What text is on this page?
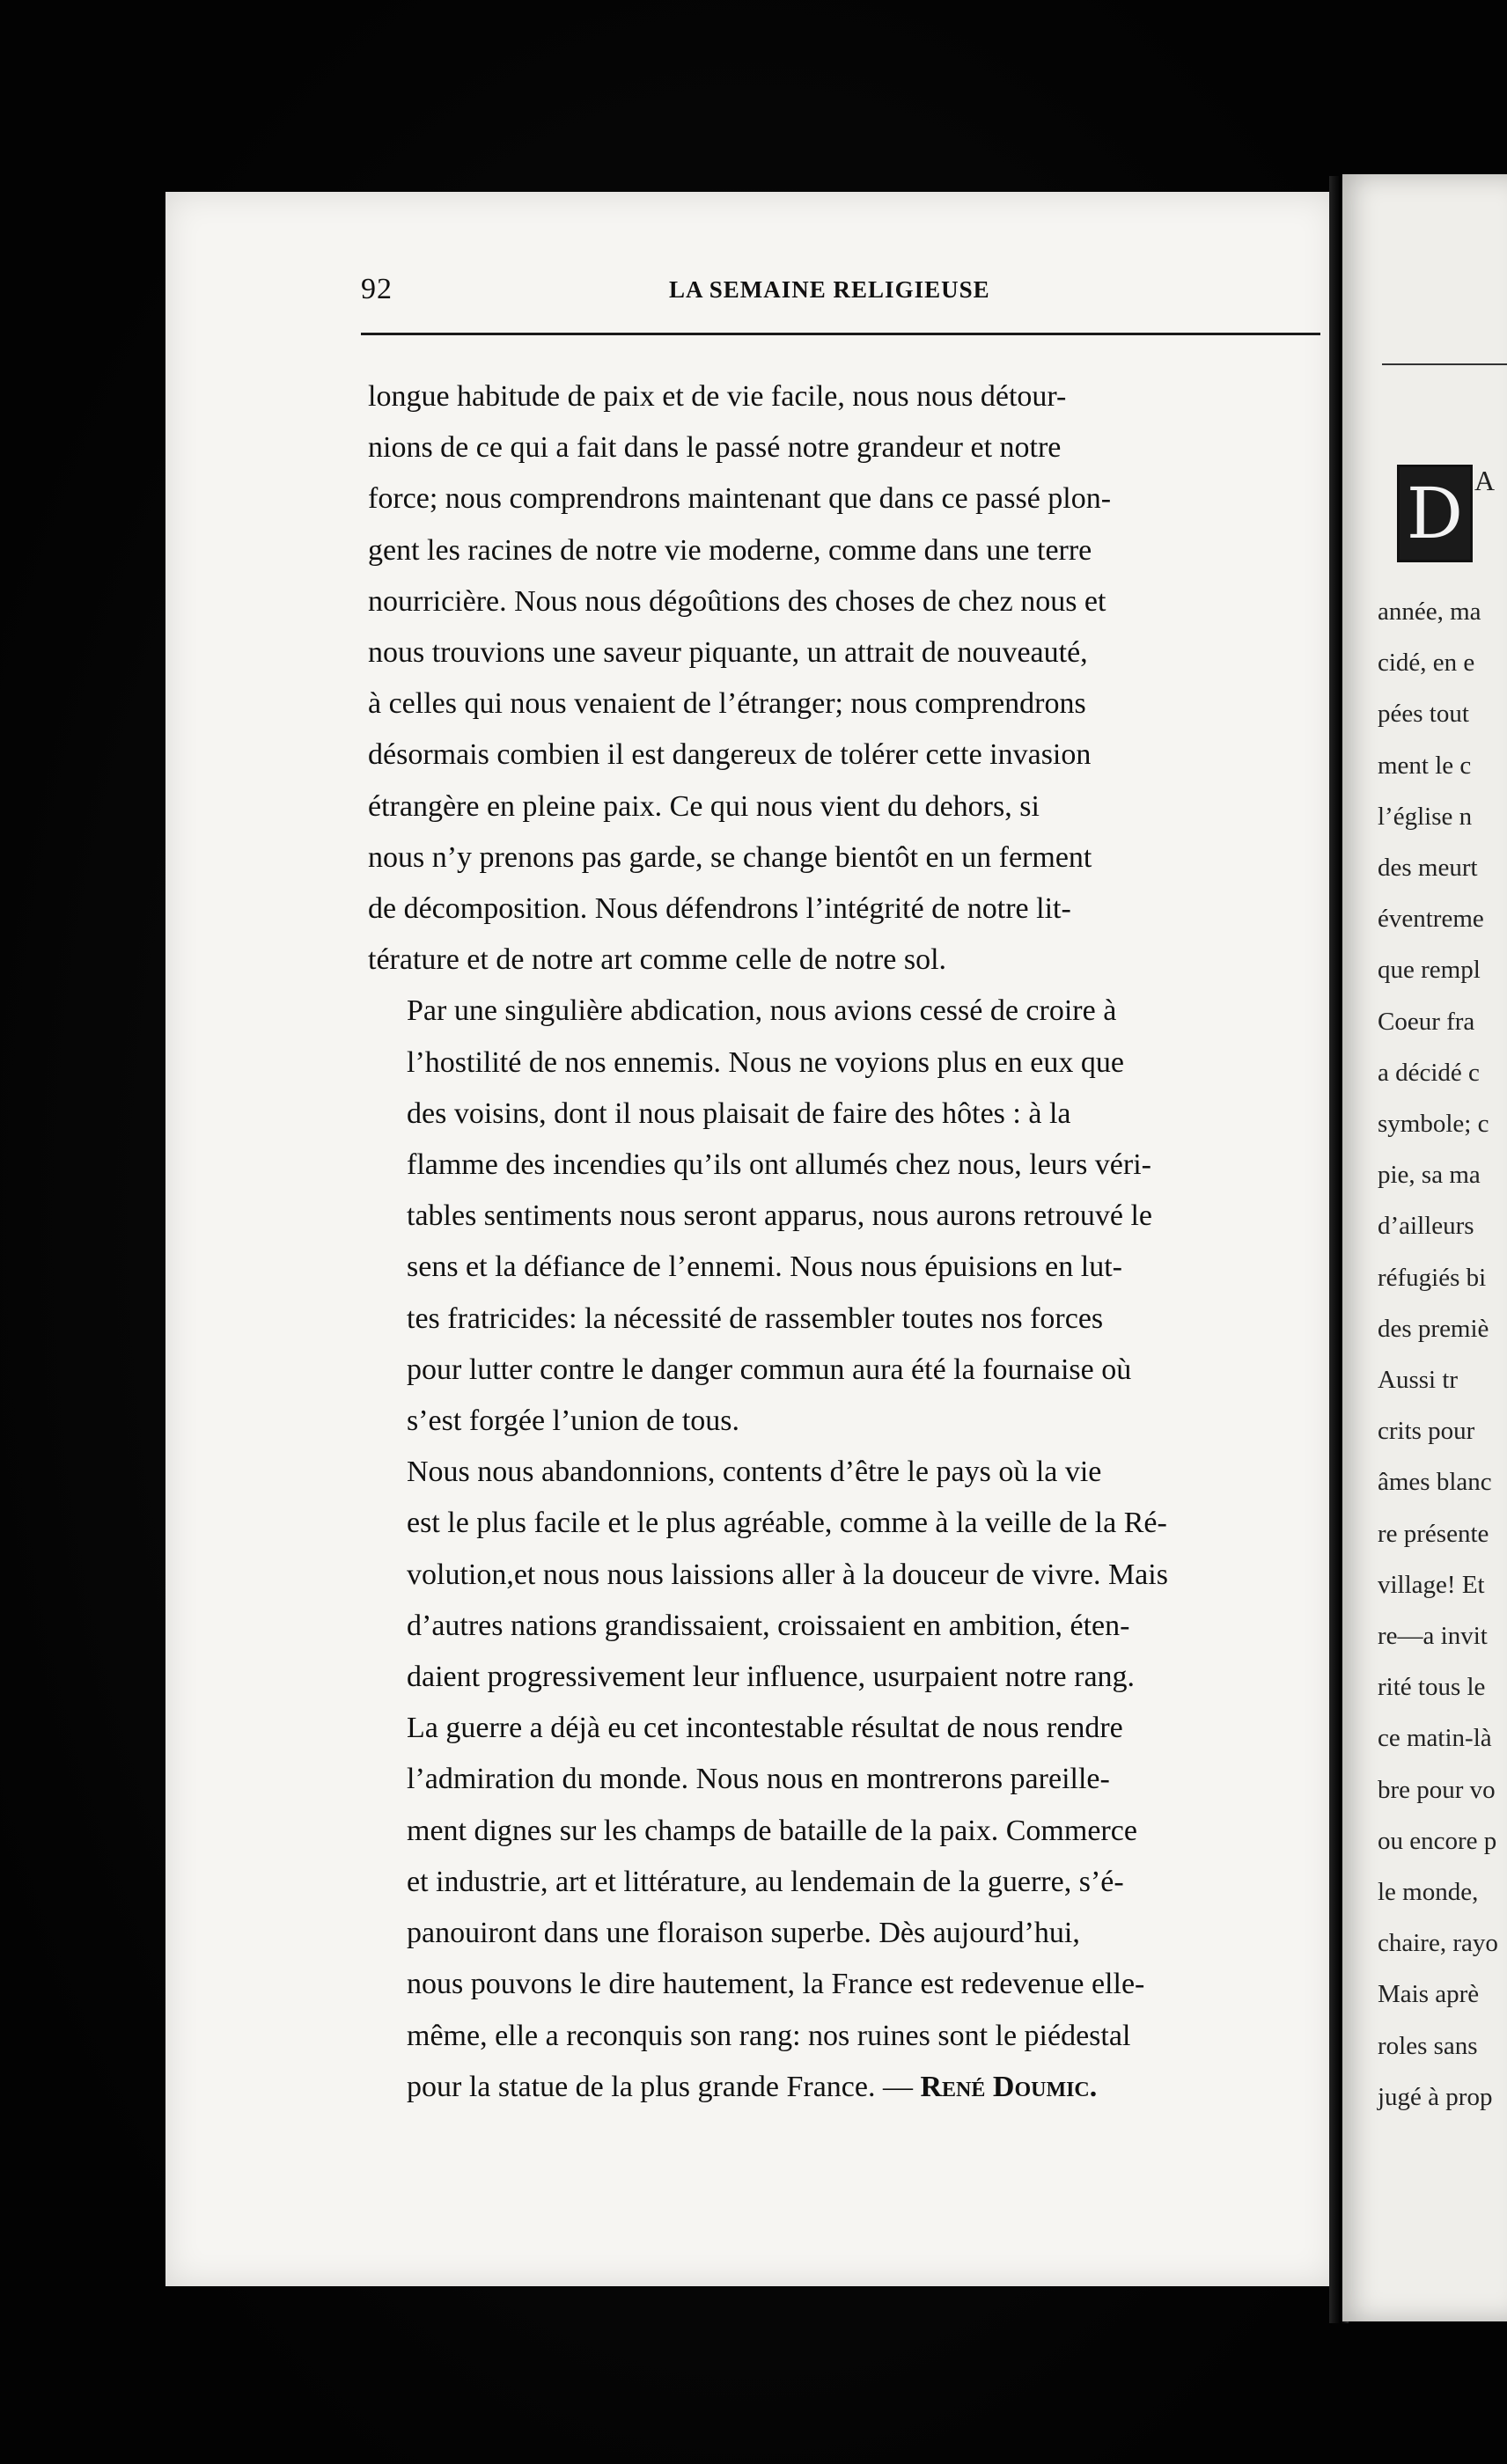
D A
année, ma
cidé, en e
pées tout
ment le c
l’église n
des meurt
éventreme
que rempl
Coeur fra
a décidé c
symbole; c
pie, sa ma
d’ailleurs
réfugiés bi
des premiè
Aussi tr
crits pour
âmes blanc
re présente
village! Et
re—a invit
rité tous le
ce matin-là
bre pour vo
ou encore p
le monde,
chaire, rayo
Mais aprè
roles sans
jugé à prop
92	LA SEMAINE RELIGIEUSE
longue habitude de paix et de vie facile, nous nous détour-
nions de ce qui a fait dans le passé notre grandeur et notre
force; nous comprendrons maintenant que dans ce passé plon-
gent les racines de notre vie moderne, comme dans une terre
nourricière. Nous nous dégoûtions des choses de chez nous et
nous trouvions une saveur piquante, un attrait de nouveauté,
à celles qui nous venaient de l’étranger; nous comprendrons
désormais combien il est dangereux de tolérer cette invasion
étrangère en pleine paix. Ce qui nous vient du dehors, si
nous n’y prenons pas garde, se change bientôt en un ferment
de décomposition. Nous défendrons l’intégrité de notre lit-
térature et de notre art comme celle de notre sol.
Par une singulière abdication, nous avions cessé de croire à
l’hostilité de nos ennemis. Nous ne voyions plus en eux que
des voisins, dont il nous plaisait de faire des hôtes : à la
flamme des incendies qu’ils ont allumés chez nous, leurs véri-
tables sentiments nous seront apparus, nous aurons retrouvé le
sens et la défiance de l’ennemi. Nous nous épuisions en lut-
tes fratricides: la nécessité de rassembler toutes nos forces
pour lutter contre le danger commun aura été la fournaise où
s’est forgée l’union de tous.
Nous nous abandonnions, contents d’être le pays où la vie
est le plus facile et le plus agréable, comme à la veille de la Ré-
volution,et nous nous laissions aller à la douceur de vivre. Mais
d’autres nations grandissaient, croissaient en ambition, éten-
daient progressivement leur influence, usurpaient notre rang.
La guerre a déjà eu cet incontestable résultat de nous rendre
l’admiration du monde. Nous nous en montrerons pareille-
ment dignes sur les champs de bataille de la paix. Commerce
et industrie, art et littérature, au lendemain de la guerre, s’é-
panouiront dans une floraison superbe. Dès aujourd’hui,
nous pouvons le dire hautement, la France est redevenue elle-
même, elle a reconquis son rang: nos ruines sont le piédestal
pour la statue de la plus grande France. — René Doumic.
